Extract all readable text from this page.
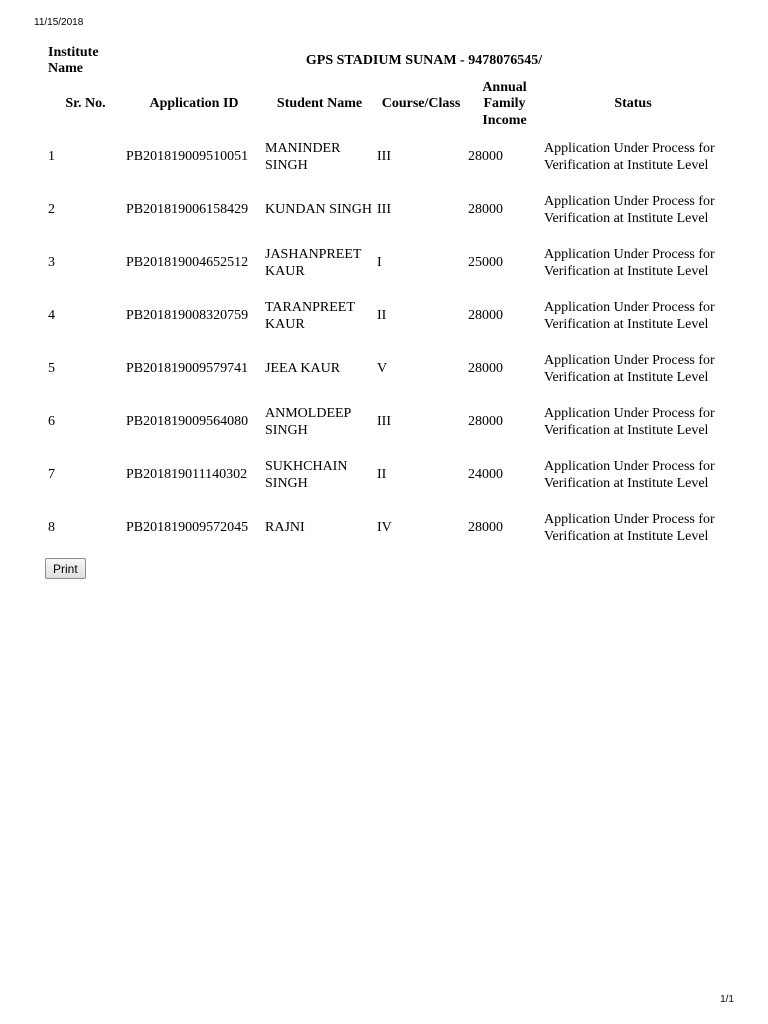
11/15/2018
Institute Name	GPS STADIUM SUNAM - 9478076545/				
Sr. No.	Application ID	Student Name	Course/Class	Annual Family Income	Status
1	PB201819009510051	MANINDER SINGH	III	28000	Application Under Process for Verification at Institute Level
2	PB201819006158429	KUNDAN SINGH	III	28000	Application Under Process for Verification at Institute Level
3	PB201819004652512	JASHANPREET KAUR	I	25000	Application Under Process for Verification at Institute Level
4	PB201819008320759	TARANPREET KAUR	II	28000	Application Under Process for Verification at Institute Level
5	PB201819009579741	JEEA KAUR	V	28000	Application Under Process for Verification at Institute Level
6	PB201819009564080	ANMOLDEEP SINGH	III	28000	Application Under Process for Verification at Institute Level
7	PB201819011140302	SUKHCHAIN SINGH	II	24000	Application Under Process for Verification at Institute Level
8	PB201819009572045	RAJNI	IV	28000	Application Under Process for Verification at Institute Level
Print
1/1
